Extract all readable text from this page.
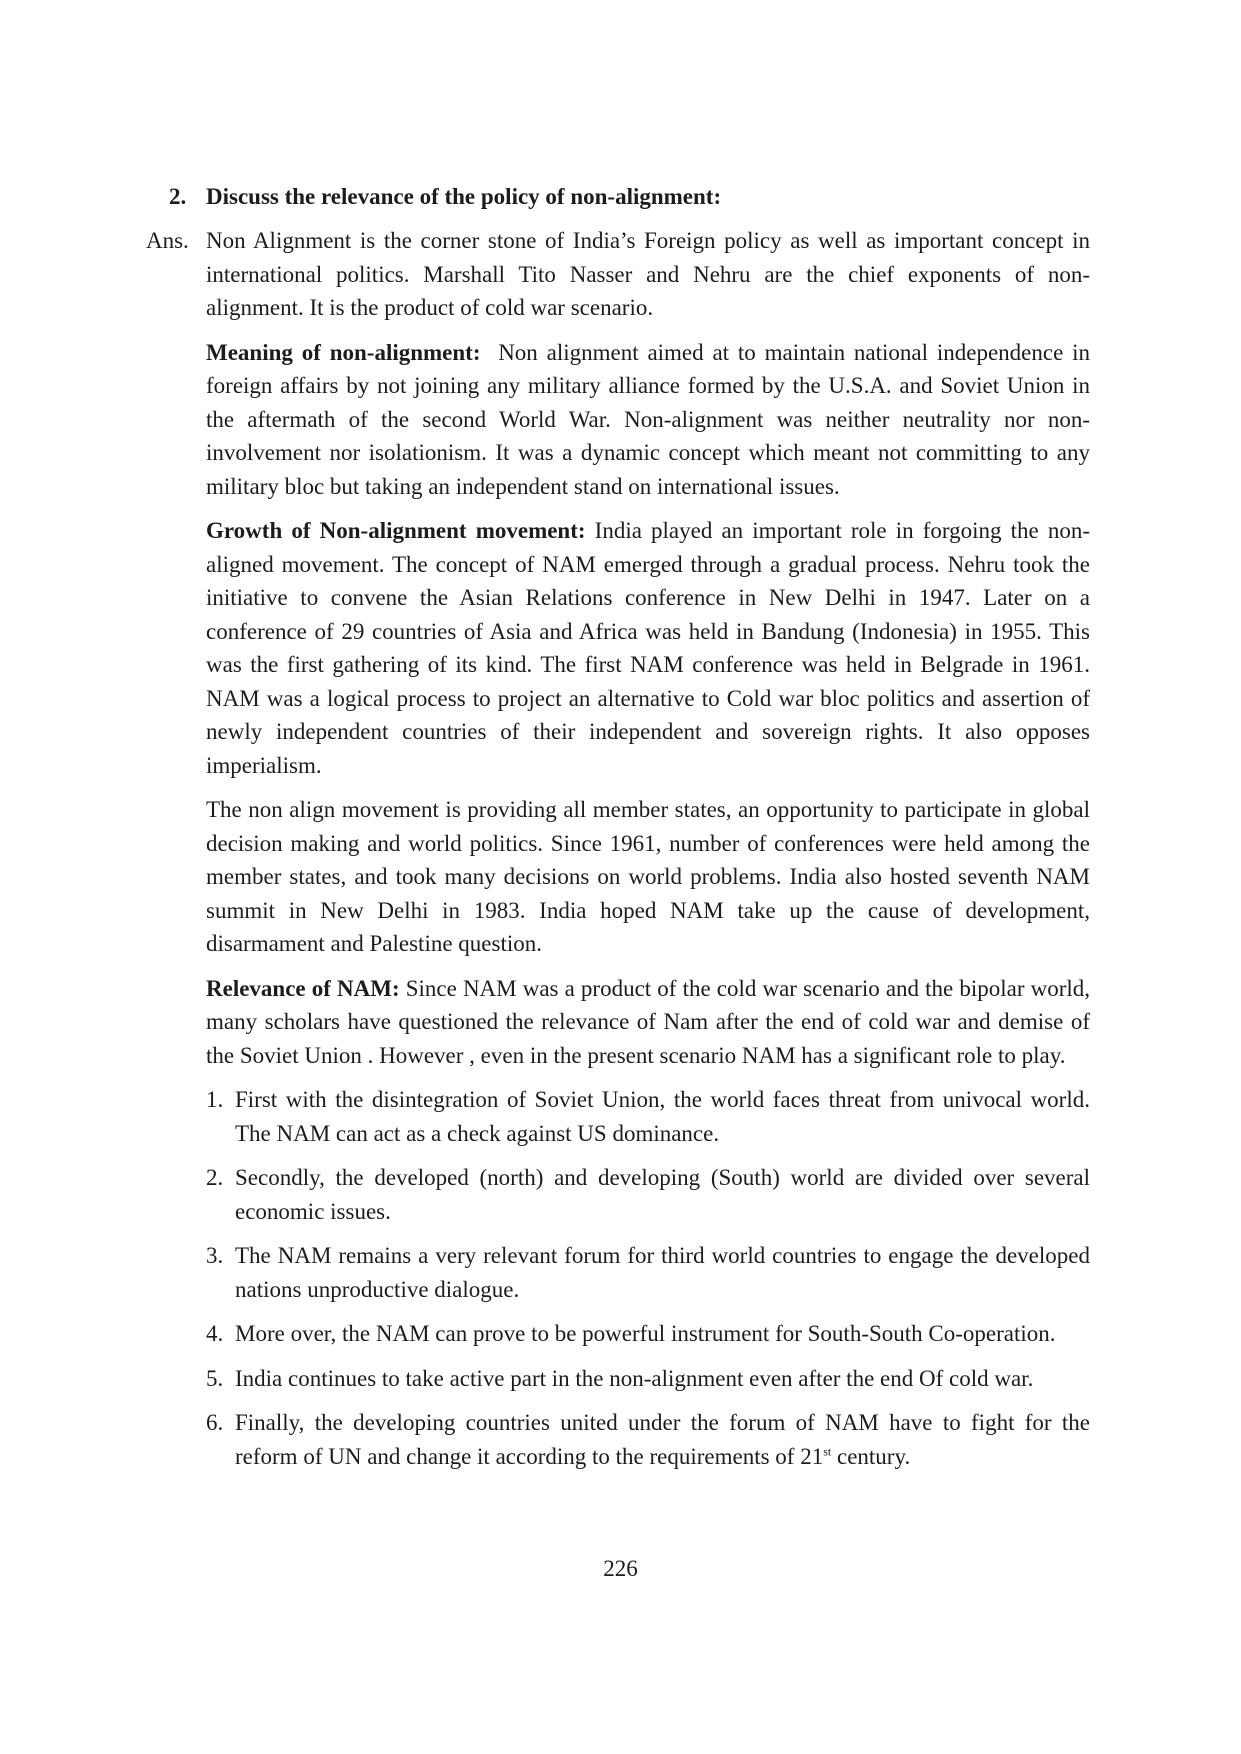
2. Discuss the relevance of the policy of non-alignment:
Ans. Non Alignment is the corner stone of India’s Foreign policy as well as important concept in international politics. Marshall Tito Nasser and Nehru are the chief exponents of non-alignment. It is the product of cold war scenario.

Meaning of non-alignment: Non alignment aimed at to maintain national independence in foreign affairs by not joining any military alliance formed by the U.S.A. and Soviet Union in the aftermath of the second World War. Non-alignment was neither neutrality nor non-involvement nor isolationism. It was a dynamic concept which meant not committing to any military bloc but taking an independent stand on international issues.

Growth of Non-alignment movement: India played an important role in forgoing the non-aligned movement. The concept of NAM emerged through a gradual process. Nehru took the initiative to convene the Asian Relations conference in New Delhi in 1947. Later on a conference of 29 countries of Asia and Africa was held in Bandung (Indonesia) in 1955. This was the first gathering of its kind. The first NAM conference was held in Belgrade in 1961. NAM was a logical process to project an alternative to Cold war bloc politics and assertion of newly independent countries of their independent and sovereign rights. It also opposes imperialism.

The non align movement is providing all member states, an opportunity to participate in global decision making and world politics. Since 1961, number of conferences were held among the member states, and took many decisions on world problems. India also hosted seventh NAM summit in New Delhi in 1983. India hoped NAM take up the cause of development, disarmament and Palestine question.

Relevance of NAM: Since NAM was a product of the cold war scenario and the bipolar world, many scholars have questioned the relevance of Nam after the end of cold war and demise of the Soviet Union . However , even in the present scenario NAM has a significant role to play.

1. First with the disintegration of Soviet Union, the world faces threat from univocal world. The NAM can act as a check against US dominance.
2. Secondly, the developed (north) and developing (South) world are divided over several economic issues.
3. The NAM remains a very relevant forum for third world countries to engage the developed nations unproductive dialogue.
4. More over, the NAM can prove to be powerful instrument for South-South Co-operation.
5. India continues to take active part in the non-alignment even after the end Of cold war.
6. Finally, the developing countries united under the forum of NAM have to fight for the reform of UN and change it according to the requirements of 21st century.
226
